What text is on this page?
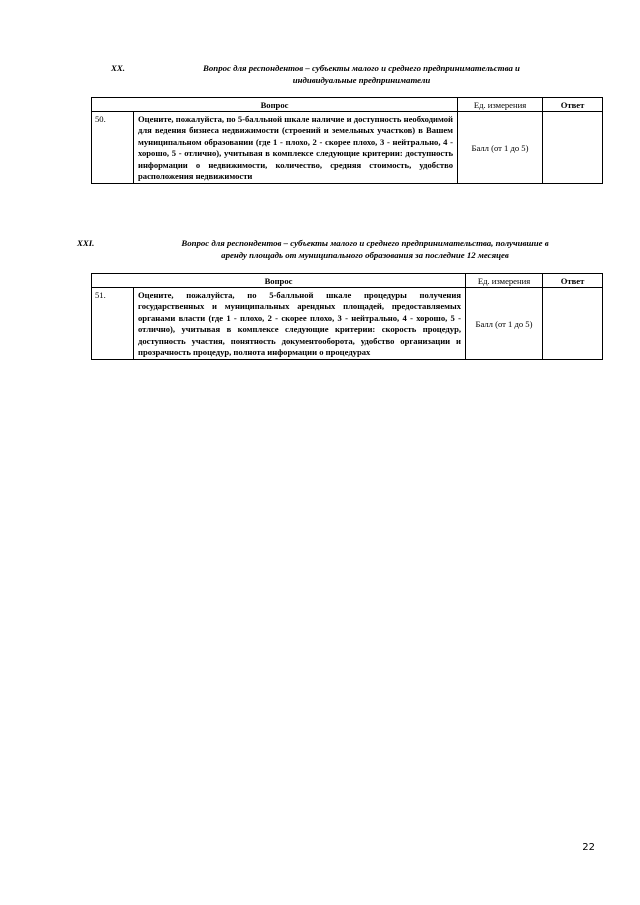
XX.	Вопрос для респондентов – субъекты малого и среднего предпринимательства и
индивидуальные предприниматели
Вопрос		Ед. измерения	Ответ
50.	Оцените, пожалуйста, по 5-балльной шкале наличие и доступность необходимой для ведения бизнеса недвижимости (строений и земельных участков) в Вашем муниципальном образовании (где 1 - плохо, 2 - скорее плохо, 3 - нейтрально, 4 - хорошо, 5 - отлично), учитывая в комплексе следующие критерии: доступность информации о недвижимости, количество, средняя стоимость, удобство расположения недвижимости	Балл (от 1 до 5)	
XXI.	Вопрос для респондентов – субъекты малого и среднего предпринимательства, получившие в
аренду площадь от муниципального образования за последние 12 месяцев
Вопрос		Ед. измерения	Ответ
51.	Оцените, пожалуйста, по 5-балльной шкале процедуры получения государственных и муниципальных арендных площадей, предоставляемых органами власти (где 1 - плохо, 2 - скорее плохо, 3 - нейтрально, 4 - хорошо, 5 - отлично), учитывая в комплексе следующие критерии: скорость процедур, доступность участия, понятность документооборота, удобство организации и прозрачность процедур, полнота информации о процедурах	Балл (от 1 до 5)	
22
